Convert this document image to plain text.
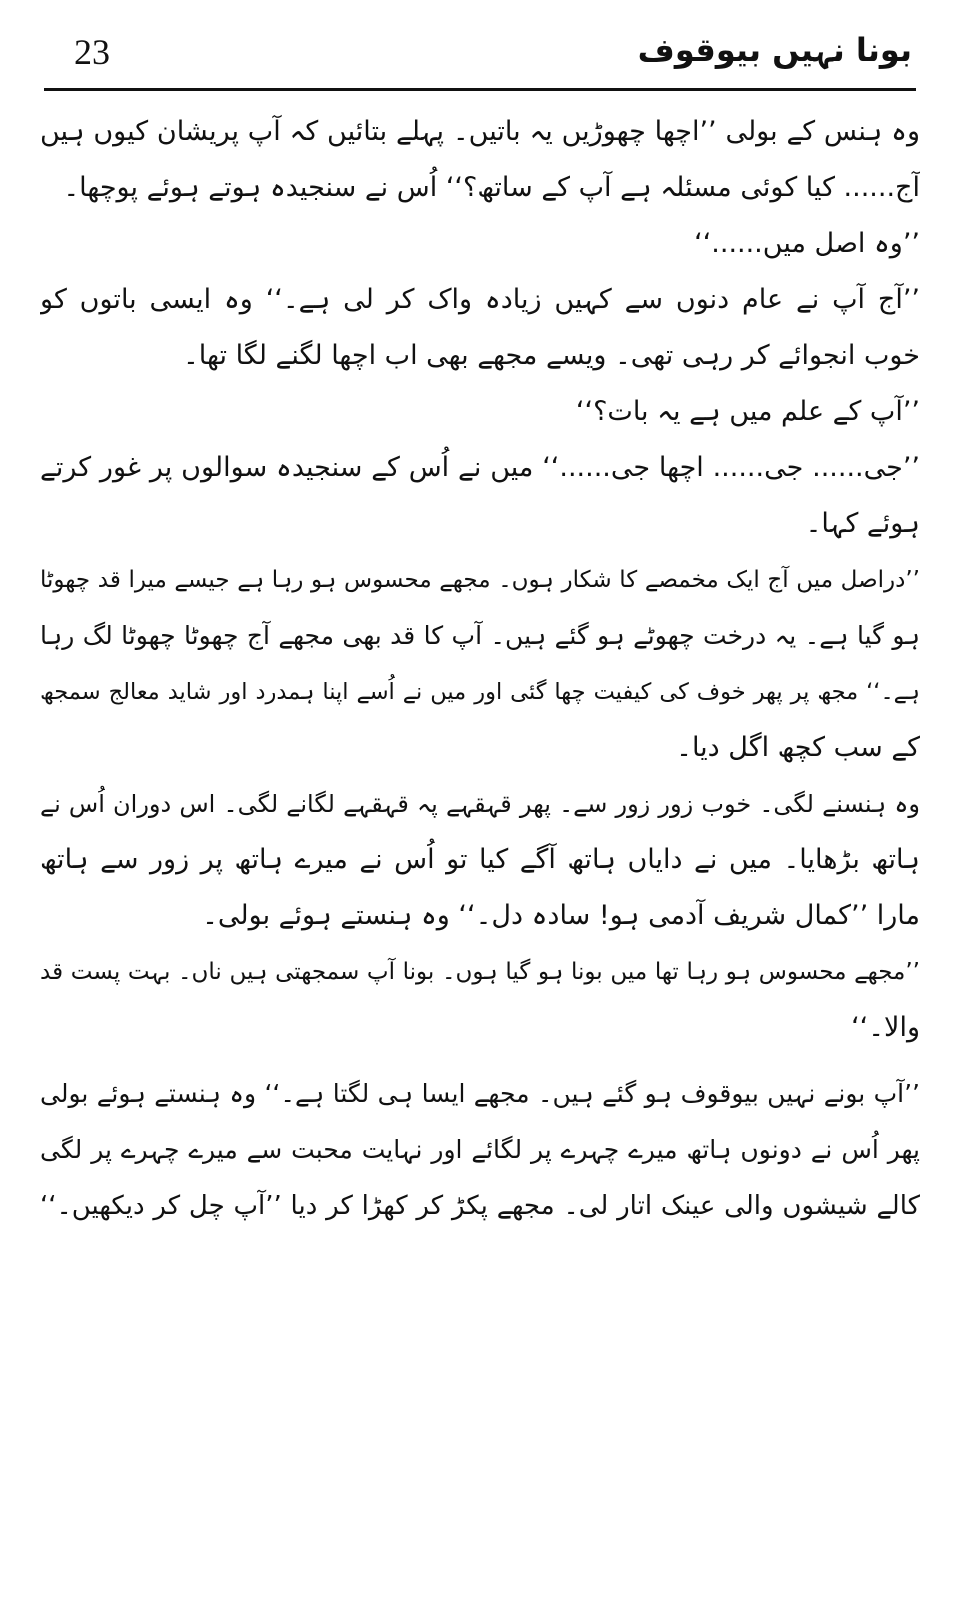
23	بونا نہیں بیوقوف
وہ ہنس کے بولی ’’اچھا چھوڑیں یہ باتیں۔ پہلے بتائیں کہ آپ پریشان کیوں ہیں
آج...... کیا کوئی مسئلہ ہے آپ کے ساتھ؟‘‘ اُس نے سنجیدہ ہوتے ہوئے پوچھا۔
’’وہ اصل میں......‘‘
’’آج آپ نے عام دنوں سے کہیں زیادہ واک کر لی ہے۔‘‘ وہ ایسی باتوں کو
خوب انجوائے کر رہی تھی۔ ویسے مجھے بھی اب اچھا لگنے لگا تھا۔
’’آپ کے علم میں ہے یہ بات؟‘‘
’’جی...... جی...... اچھا جی......‘‘ میں نے اُس کے سنجیدہ سوالوں پر غور کرتے
ہوئے کہا۔
’’دراصل میں آج ایک مخمصے کا شکار ہوں۔ مجھے محسوس ہو رہا ہے جیسے میرا قد چھوٹا
ہو گیا ہے۔ یہ درخت چھوٹے ہو گئے ہیں۔ آپ کا قد بھی مجھے آج چھوٹا چھوٹا لگ رہا
ہے۔‘‘ مجھ پر پھر خوف کی کیفیت چھا گئی اور میں نے اُسے اپنا ہمدرد اور شاید معالج سمجھ
کے سب کچھ اگل دیا۔
وہ ہنسنے لگی۔ خوب زور زور سے۔ پھر قہقہے پہ قہقہے لگانے لگی۔ اس دوران اُس نے
ہاتھ بڑھایا۔ میں نے دایاں ہاتھ آگے کیا تو اُس نے میرے ہاتھ پر زور سے ہاتھ
مارا ’’کمال شریف آدمی ہو! سادہ دل۔‘‘ وہ ہنستے ہوئے بولی۔
’’مجھے محسوس ہو رہا تھا میں بونا ہو گیا ہوں۔ بونا آپ سمجھتی ہیں ناں۔ بہت پست قد
والا۔‘‘
’’آپ بونے نہیں بیوقوف ہو گئے ہیں۔ مجھے ایسا ہی لگتا ہے۔‘‘ وہ ہنستے ہوئے بولی
پھر اُس نے دونوں ہاتھ میرے چہرے پر لگائے اور نہایت محبت سے میرے چہرے پر لگی
کالے شیشوں والی عینک اتار لی۔ مجھے پکڑ کر کھڑا کر دیا ’’آپ چل کر دیکھیں۔‘‘
